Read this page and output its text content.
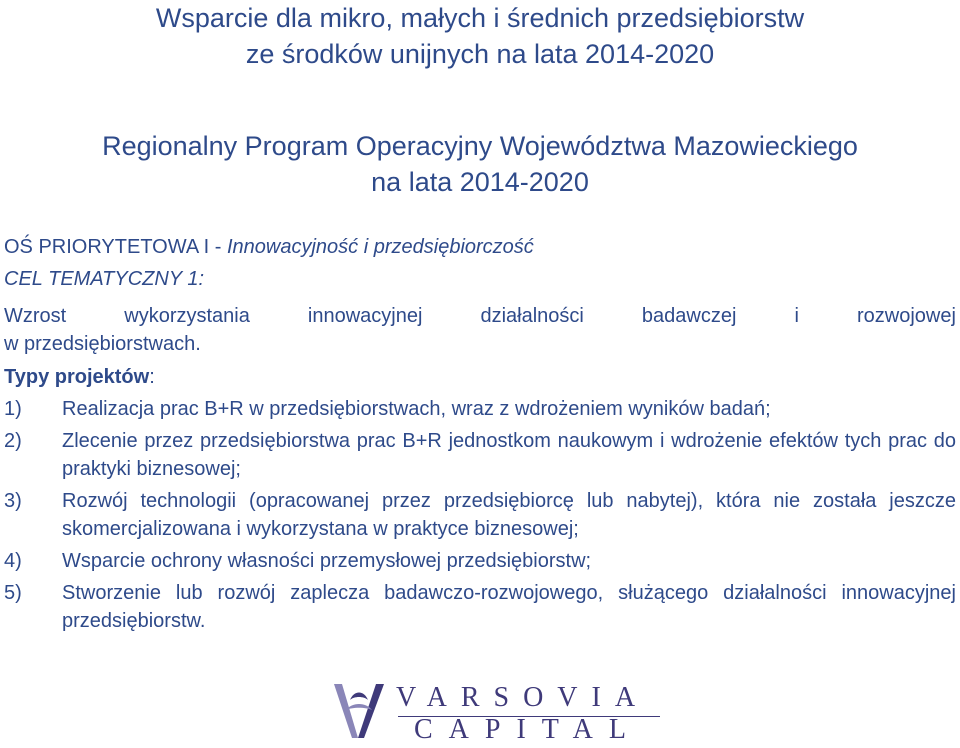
Wsparcie dla mikro, małych i średnich przedsiębiorstw
ze środków unijnych na lata 2014-2020
Regionalny Program Operacyjny Województwa Mazowieckiego
na lata 2014-2020
OŚ PRIORYTETOWA I - Innowacyjność i przedsiębiorczość
CEL TEMATYCZNY 1:
Wzrost	wykorzystania	innowacyjnej	działalności	badawczej	i	rozwojowej
w przedsiębiorstwach.
Typy projektów:
1)	Realizacja prac B+R w przedsiębiorstwach, wraz z wdrożeniem wyników badań;
2)	Zlecenie przez przedsiębiorstwa prac B+R jednostkom naukowym i wdrożenie efektów tych prac do praktyki biznesowej;
3)	Rozwój technologii (opracowanej przez przedsiębiorcę lub nabytej), która nie została jeszcze skomercjalizowana i wykorzystana w praktyce biznesowej;
4)	Wsparcie ochrony własności przemysłowej przedsiębiorstw;
5)	Stworzenie lub rozwój zaplecza badawczo-rozwojowego, służącego działalności innowacyjnej przedsiębiorstw.
VARSOVIA
CAPITAL
